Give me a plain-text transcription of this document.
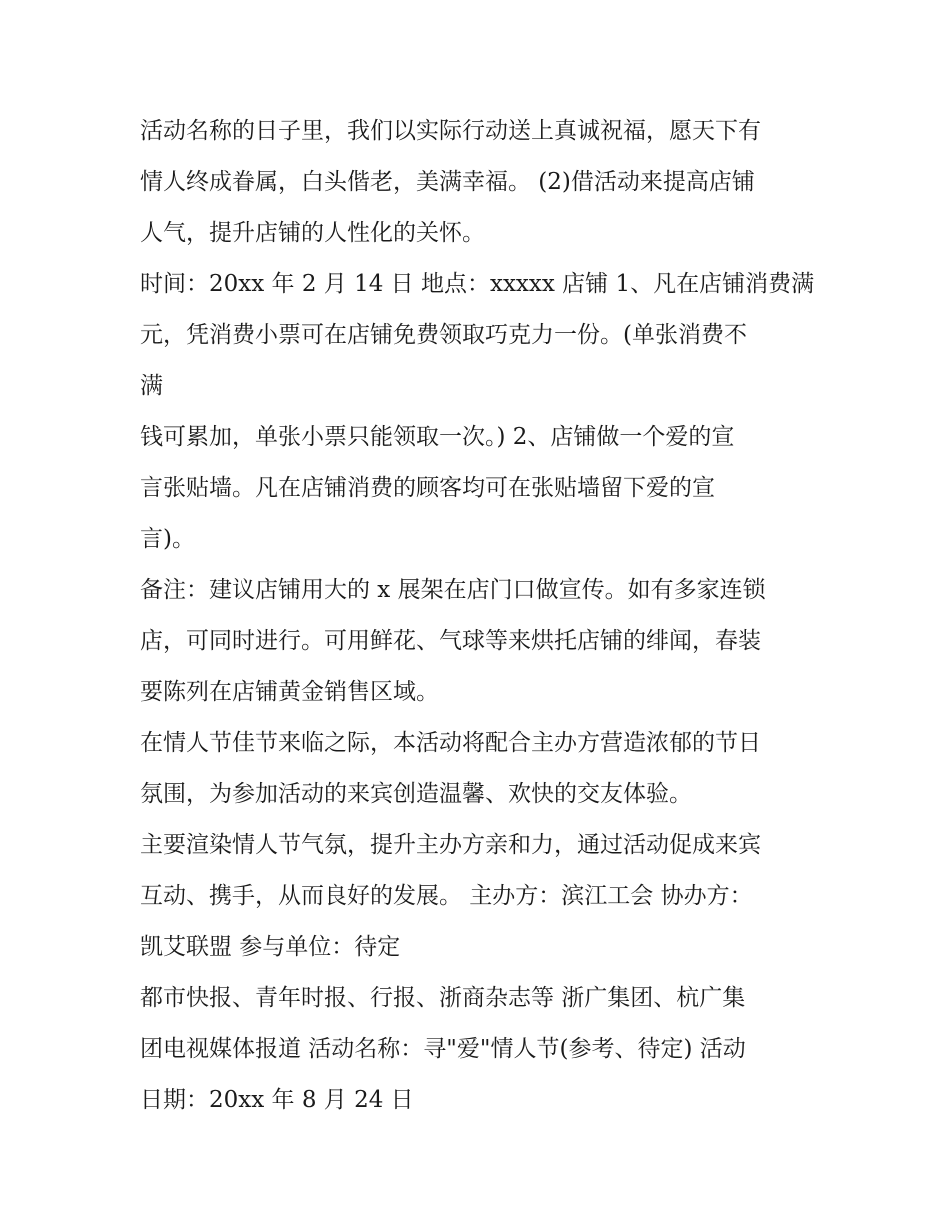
活动名称的日子里，我们以实际行动送上真诚祝福，愿天下有
情人终成眷属，白头偕老，美满幸福。 (2)借活动来提高店铺
人气，提升店铺的人性化的关怀。
时间：20xx 年 2 月 14 日 地点：xxxxx 店铺 1、凡在店铺消费满
元，凭消费小票可在店铺免费领取巧克力一份。(单张消费不
满
钱可累加，单张小票只能领取一次。) 2、店铺做一个爱的宣
言张贴墙。凡在店铺消费的顾客均可在张贴墙留下爱的宣
言)。
备注：建议店铺用大的 x 展架在店门口做宣传。如有多家连锁
店，可同时进行。可用鲜花、气球等来烘托店铺的绯闻，春装
要陈列在店铺黄金销售区域。
在情人节佳节来临之际，本活动将配合主办方营造浓郁的节日
氛围，为参加活动的来宾创造温馨、欢快的交友体验。
主要渲染情人节气氛，提升主办方亲和力，通过活动促成来宾
互动、携手，从而良好的发展。 主办方：滨江工会 协办方：
凯艾联盟 参与单位：待定
都市快报、青年时报、行报、浙商杂志等 浙广集团、杭广集
团电视媒体报道 活动名称：寻"爱"情人节(参考、待定) 活动
日期：20xx 年 8 月 24 日
